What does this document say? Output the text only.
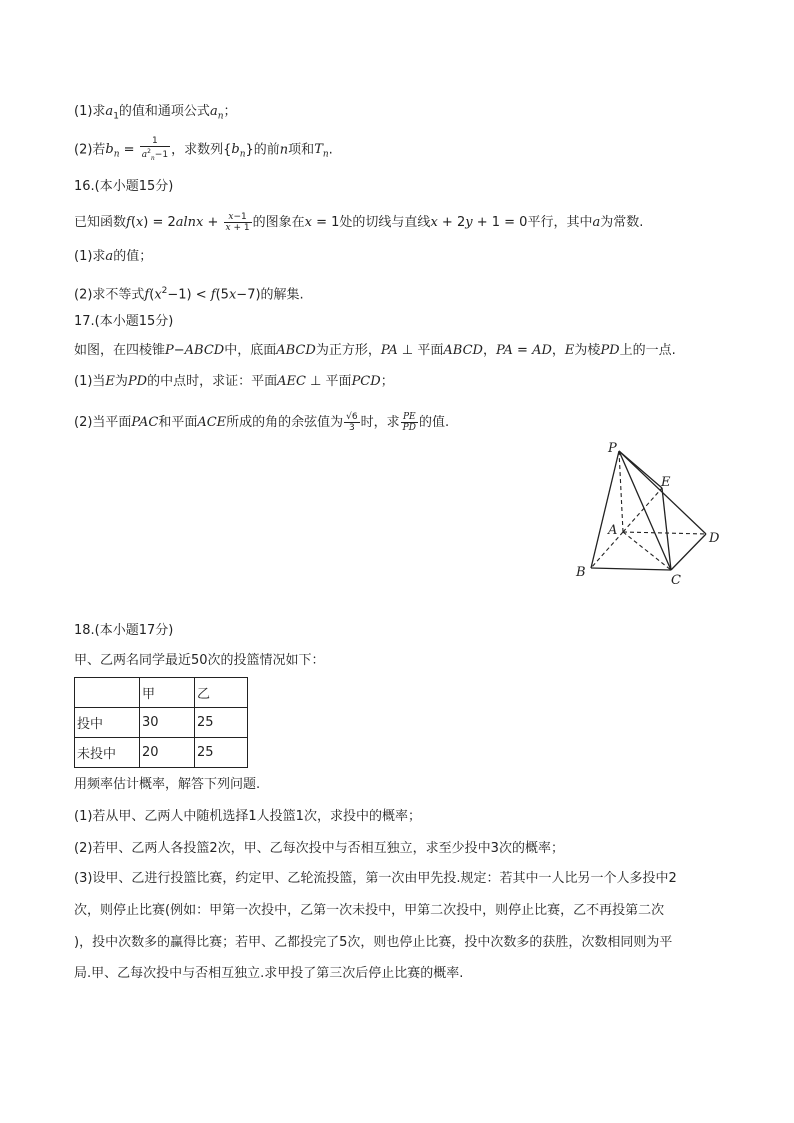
(1)求$a_1$的值和通项公式$a_n$；
(2)若$b_n = \frac{1}{a^2_n-1}$ ，求数列$\{b_n\}$的前n项和$T_n$.
16.(本小题15分)
已知函数$f(x) = 2alnx + \frac{x-1}{x + 1}$ 的图象在x = 1处的切线与直线x + 2y + 1 = 0平行，其中a为常数.
(1)求a的值；
(2)求不等式$f(x^2-1) < f(5x-7)$的解集.
17.(本小题15分)
如图，在四棱锥P−ABCD中，底面ABCD为正方形，PA ⊥ 平面ABCD，PA = AD，E为棱PD上的一点.
(1)当E为PD的中点时，求证：平面AEC ⊥ 平面PCD；
(2)当平面PAC和平面ACE所成的角的余弦值为 $\frac{√6}{3}$ 时，求 $\frac{PE}{PD}$ 的值.
P
E
A
D
B
C
18.(本小题17分)
甲、乙两名同学最近50次的投篮情况如下：
	甲	乙
投中	30	25
未投中	20	25
用频率估计概率，解答下列问题.
(1)若从甲、乙两人中随机选择1人投篮1次，求投中的概率；
(2)若甲、乙两人各投篮2次，甲、乙每次投中与否相互独立，求至少投中3次的概率；
(3)设甲、乙进行投篮比赛，约定甲、乙轮流投篮，第一次由甲先投.规定：若其中一人比另一个人多投中2
次，则停止比赛(例如：甲第一次投中，乙第一次未投中，甲第二次投中，则停止比赛，乙不再投第二次
)，投中次数多的赢得比赛；若甲、乙都投完了5次，则也停止比赛，投中次数多的获胜，次数相同则为平
局.甲、乙每次投中与否相互独立.求甲投了第三次后停止比赛的概率.
